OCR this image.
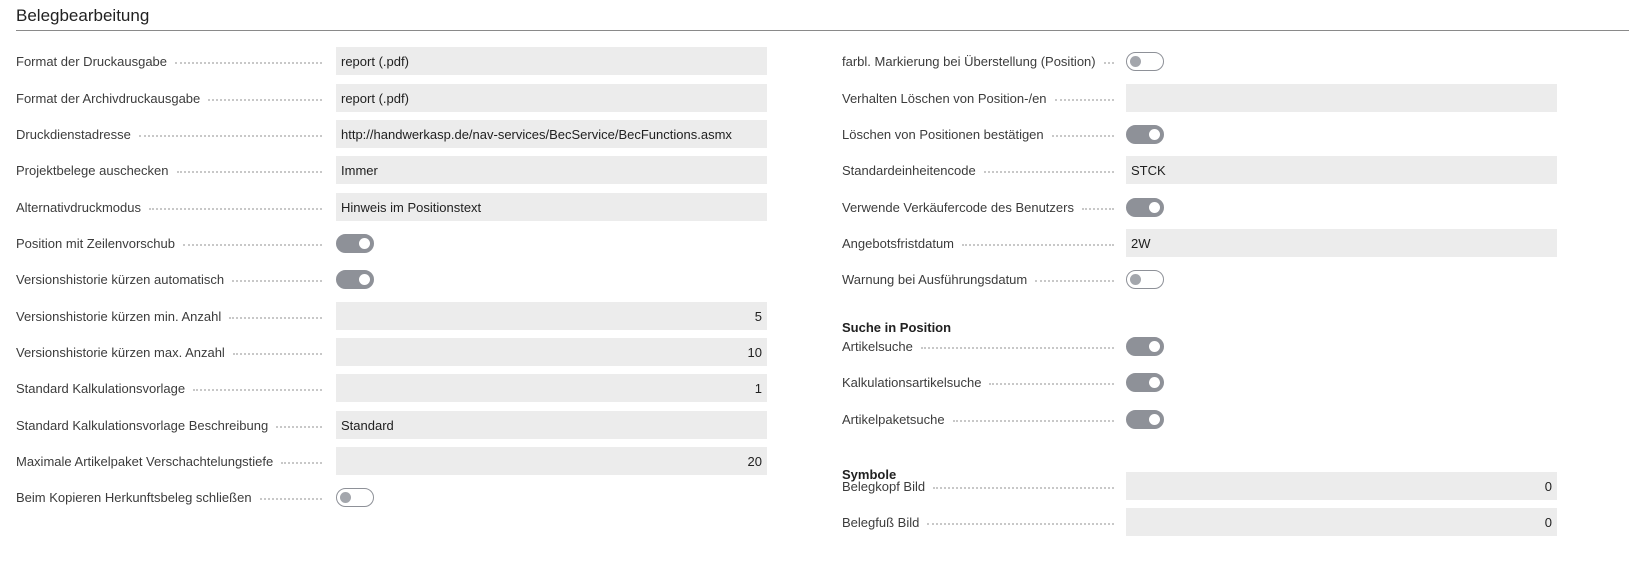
Belegbearbeitung
Format der Druckausgabe	report (.pdf)
Format der Archivdruckausgabe	report (.pdf)
Druckdienstadresse	http://handwerkasp.de/nav-services/BecService/BecFunctions.asmx
Projektbelege auschecken	Immer
Alternativdruckmodus	Hinweis im Positionstext
Position mit Zeilenvorschub
Versionshistorie kürzen automatisch
Versionshistorie kürzen min. Anzahl	5
Versionshistorie kürzen max. Anzahl	10
Standard Kalkulationsvorlage	1
Standard Kalkulationsvorlage Beschreibung	Standard
Maximale Artikelpaket Verschachtelungstiefe	20
Beim Kopieren Herkunftsbeleg schließen
Suche in Position
Symbole
farbl. Markierung bei Überstellung (Position)
Verhalten Löschen von Position-/en
Löschen von Positionen bestätigen
Standardeinheitencode	STCK
Verwende Verkäufercode des Benutzers
Angebotsfristdatum	2W
Warnung bei Ausführungsdatum
Artikelsuche
Kalkulationsartikelsuche
Artikelpaketsuche
Belegkopf Bild	0
Belegfuß Bild	0
